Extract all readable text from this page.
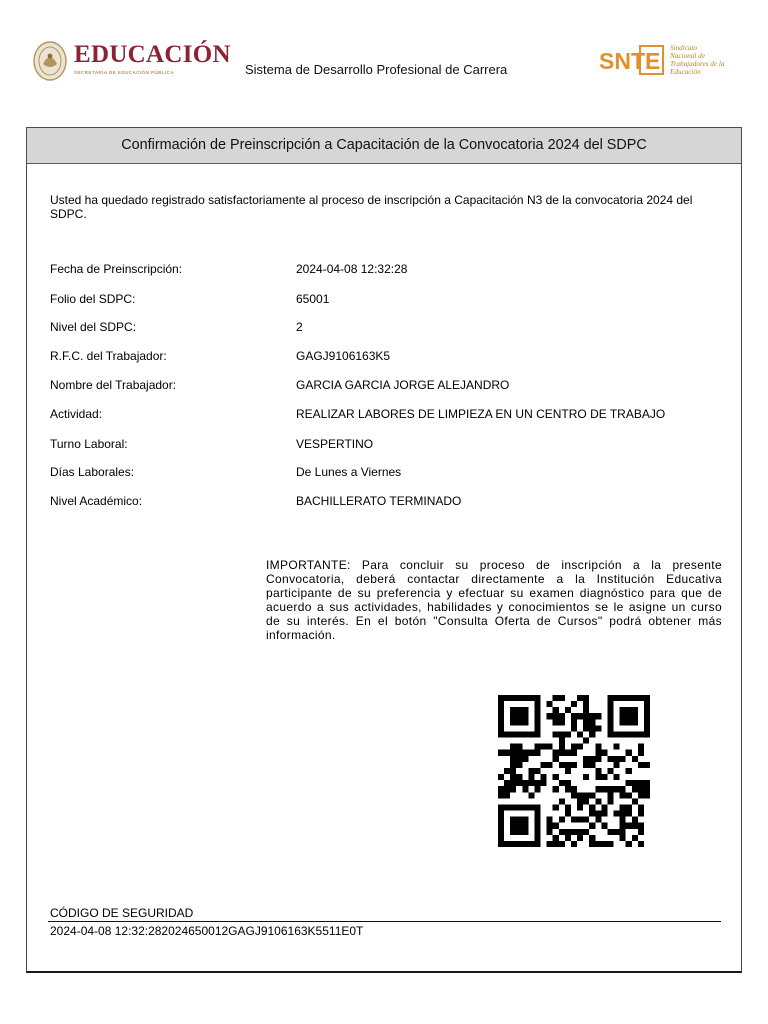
EDUCACIÓN
SECRETARÍA DE EDUCACIÓN PÚBLICA	Sistema de Desarrollo Profesional de Carrera	SNTE Sindicato
Nacional de
Trabajadores de la
Educación
Confirmación de Preinscripción a Capacitación de la Convocatoria 2024 del SDPC
Usted ha quedado registrado satisfactoriamente al proceso de inscripción a Capacitación N3 de la convocatoria 2024 del SDPC.
Fecha de Preinscripción:	2024-04-08 12:32:28
Folio del SDPC:	65001
Nivel del SDPC:	2
R.F.C. del Trabajador:	GAGJ9106163K5
Nombre del Trabajador:	GARCIA GARCIA JORGE ALEJANDRO
Actividad:	REALIZAR LABORES DE LIMPIEZA EN UN CENTRO DE TRABAJO
Turno Laboral:	VESPERTINO
Días Laborales:	De Lunes a Viernes
Nivel Académico:	BACHILLERATO TERMINADO
IMPORTANTE: Para concluir su proceso de inscripción a la presente Convocatoria, deberá contactar directamente a la Institución Educativa participante de su preferencia y efectuar su examen diagnóstico para que de acuerdo a sus actividades, habilidades y conocimientos se le asigne un curso de su interés. En el botón "Consulta Oferta de Cursos" podrá obtener más información.
CÓDIGO DE SEGURIDAD
2024-04-08 12:32:282024650012GAGJ9106163K5511E0T
